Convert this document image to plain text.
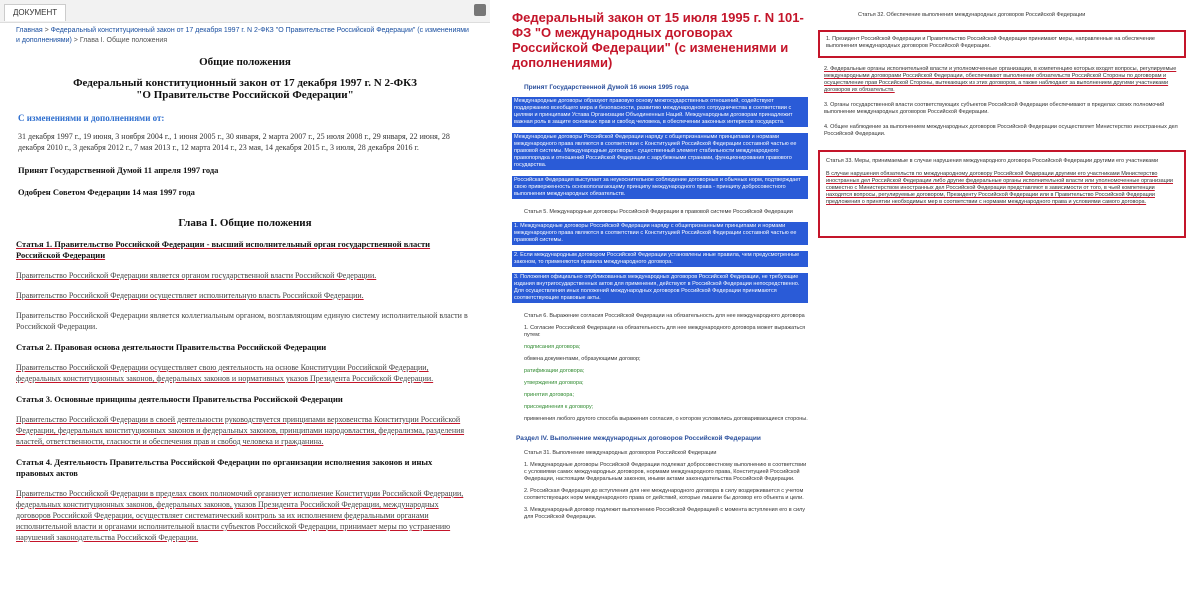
ДОКУМЕНТ
Главная > Федеральный конституционный закон от 17 декабря 1997 г. N 2-ФКЗ "О Правительстве Российской Федерации" (с изменениями и дополнениями) > Глава I. Общие положения
Общие положения
Федеральный конституционный закон от 17 декабря 1997 г. N 2-ФКЗ
"О Правительстве Российской Федерации"
С изменениями и дополнениями от:
31 декабря 1997 г., 19 июня, 3 ноября 2004 г., 1 июня 2005 г., 30 января, 2 марта 2007 г., 25 июля 2008 г., 29 января, 22 июня, 28 декабря 2010 г., 3 декабря 2012 г., 7 мая 2013 г., 12 марта 2014 г., 23 мая, 14 декабря 2015 г., 3 июля, 28 декабря 2016 г.
Принят Государственной Думой 11 апреля 1997 года
Одобрен Советом Федерации 14 мая 1997 года
Глава I. Общие положения
Статья 1. Правительство Российской Федерации - высший исполнительный орган государственной власти Российской Федерации
Правительство Российской Федерации является органом государственной власти Российской Федерации.
Правительство Российской Федерации осуществляет исполнительную власть Российской Федерации.
Правительство Российской Федерации является коллегиальным органом, возглавляющим единую систему исполнительной власти в Российской Федерации.
Статья 2. Правовая основа деятельности Правительства Российской Федерации
Правительство Российской Федерации осуществляет свою деятельность на основе Конституции Российской Федерации, федеральных конституционных законов, федеральных законов и нормативных указов Президента Российской Федерации.
Статья 3. Основные принципы деятельности Правительства Российской Федерации
Правительство Российской Федерации в своей деятельности руководствуется принципами верховенства Конституции Российской Федерации, федеральных конституционных законов и федеральных законов, принципами народовластия, федерализма, разделения властей, ответственности, гласности и обеспечения прав и свобод человека и гражданина.
Статья 4. Деятельность Правительства Российской Федерации по организации исполнения законов и иных правовых актов
Правительство Российской Федерации в пределах своих полномочий организует исполнение Конституции Российской Федерации, федеральных конституционных законов, федеральных законов, указов Президента Российской Федерации, международных договоров Российской Федерации, осуществляет систематический контроль за их исполнением федеральными органами исполнительной власти и органами исполнительной власти субъектов Российской Федерации, принимает меры по устранению нарушений законодательства Российской Федерации.
Федеральный закон от 15 июля 1995 г. N 101-ФЗ "О международных договорах Российской Федерации" (с изменениями и дополнениями)
Принят Государственной Думой 16 июня 1995 года
Международные договоры образуют правовую основу межгосударственных отношений, содействуют поддержанию всеобщего мира и безопасности, развитию международного сотрудничества в соответствии с целями и принципами Устава Организации Объединенных Наций. Международным договорам принадлежит важная роль в защите основных прав и свобод человека, в обеспечении законных интересов государств.
Международные договоры Российской Федерации наряду с общепризнанными принципами и нормами международного права являются в соответствии с Конституцией Российской Федерации составной частью ее правовой системы. Международные договоры - существенный элемент стабильности международного правопорядка и отношений Российской Федерации с зарубежными странами, функционирования правового государства.
Российская Федерация выступает за неукоснительное соблюдение договорных и обычных норм, подтверждает свою приверженность основополагающему принципу международного права - принципу добросовестного выполнения международных обязательств.
Статья 5. Международные договоры Российской Федерации в правовой системе Российской Федерации
1. Международные договоры Российской Федерации наряду с общепризнанными принципами и нормами международного права являются в соответствии с Конституцией Российской Федерации составной частью ее правовой системы.
2. Если международным договором Российской Федерации установлены иные правила, чем предусмотренные законом, то применяются правила международного договора.
3. Положения официально опубликованных международных договоров Российской Федерации, не требующие издания внутригосударственных актов для применения, действуют в Российской Федерации непосредственно. Для осуществления иных положений международных договоров Российской Федерации принимаются соответствующие правовые акты.
Статья 6. Выражение согласия Российской Федерации на обязательность для нее международного договора
1. Согласие Российской Федерации на обязательность для нее международного договора может выражаться путем:
подписания договора;
обмена документами, образующими договор;
ратификации договора;
утверждения договора;
принятия договора;
присоединения к договору;
применения любого другого способа выражения согласия, о котором условились договаривающиеся стороны.
Раздел IV. Выполнение международных договоров Российской Федерации
Статья 31. Выполнение международных договоров Российской Федерации
1. Международные договоры Российской Федерации подлежат добросовестному выполнению в соответствии с условиями самих международных договоров, нормами международного права, Конституцией Российской Федерации, настоящим Федеральным законом, иными актами законодательства Российской Федерации.
2. Российская Федерация до вступления для нее международного договора в силу воздерживается с учетом соответствующих норм международного права от действий, которые лишили бы договор его объекта и цели.
3. Международный договор подлежит выполнению Российской Федерацией с момента вступления его в силу для Российской Федерации.
Статья 32. Обеспечение выполнения международных договоров Российской Федерации
1. Президент Российской Федерации и Правительство Российской Федерации принимают меры, направленные на обеспечение выполнения международных договоров Российской Федерации.
2. Федеральные органы исполнительной власти и уполномоченные организации, в компетенцию которых входят вопросы, регулируемые международными договорами Российской Федерации, обеспечивают выполнение обязательств Российской Стороны по договорам и осуществление прав Российской Стороны, вытекающих из этих договоров, а также наблюдают за выполнением другими участниками договоров их обязательств.
3. Органы государственной власти соответствующих субъектов Российской Федерации обеспечивают в пределах своих полномочий выполнение международных договоров Российской Федерации.
4. Общее наблюдение за выполнением международных договоров Российской Федерации осуществляет Министерство иностранных дел Российской Федерации.
Статья 33. Меры, принимаемые в случае нарушения международного договора Российской Федерации другими его участниками
В случае нарушения обязательств по международному договору Российской Федерации другими его участниками Министерство иностранных дел Российской Федерации либо другие федеральные органы исполнительной власти или уполномоченные организации совместно с Министерством иностранных дел Российской Федерации представляют в зависимости от того, в чьей компетенции находятся вопросы, регулируемые договором, Президенту Российской Федерации или в Правительство Российской Федерации предложения о принятии необходимых мер в соответствии с нормами международного права и условиями самого договора.
